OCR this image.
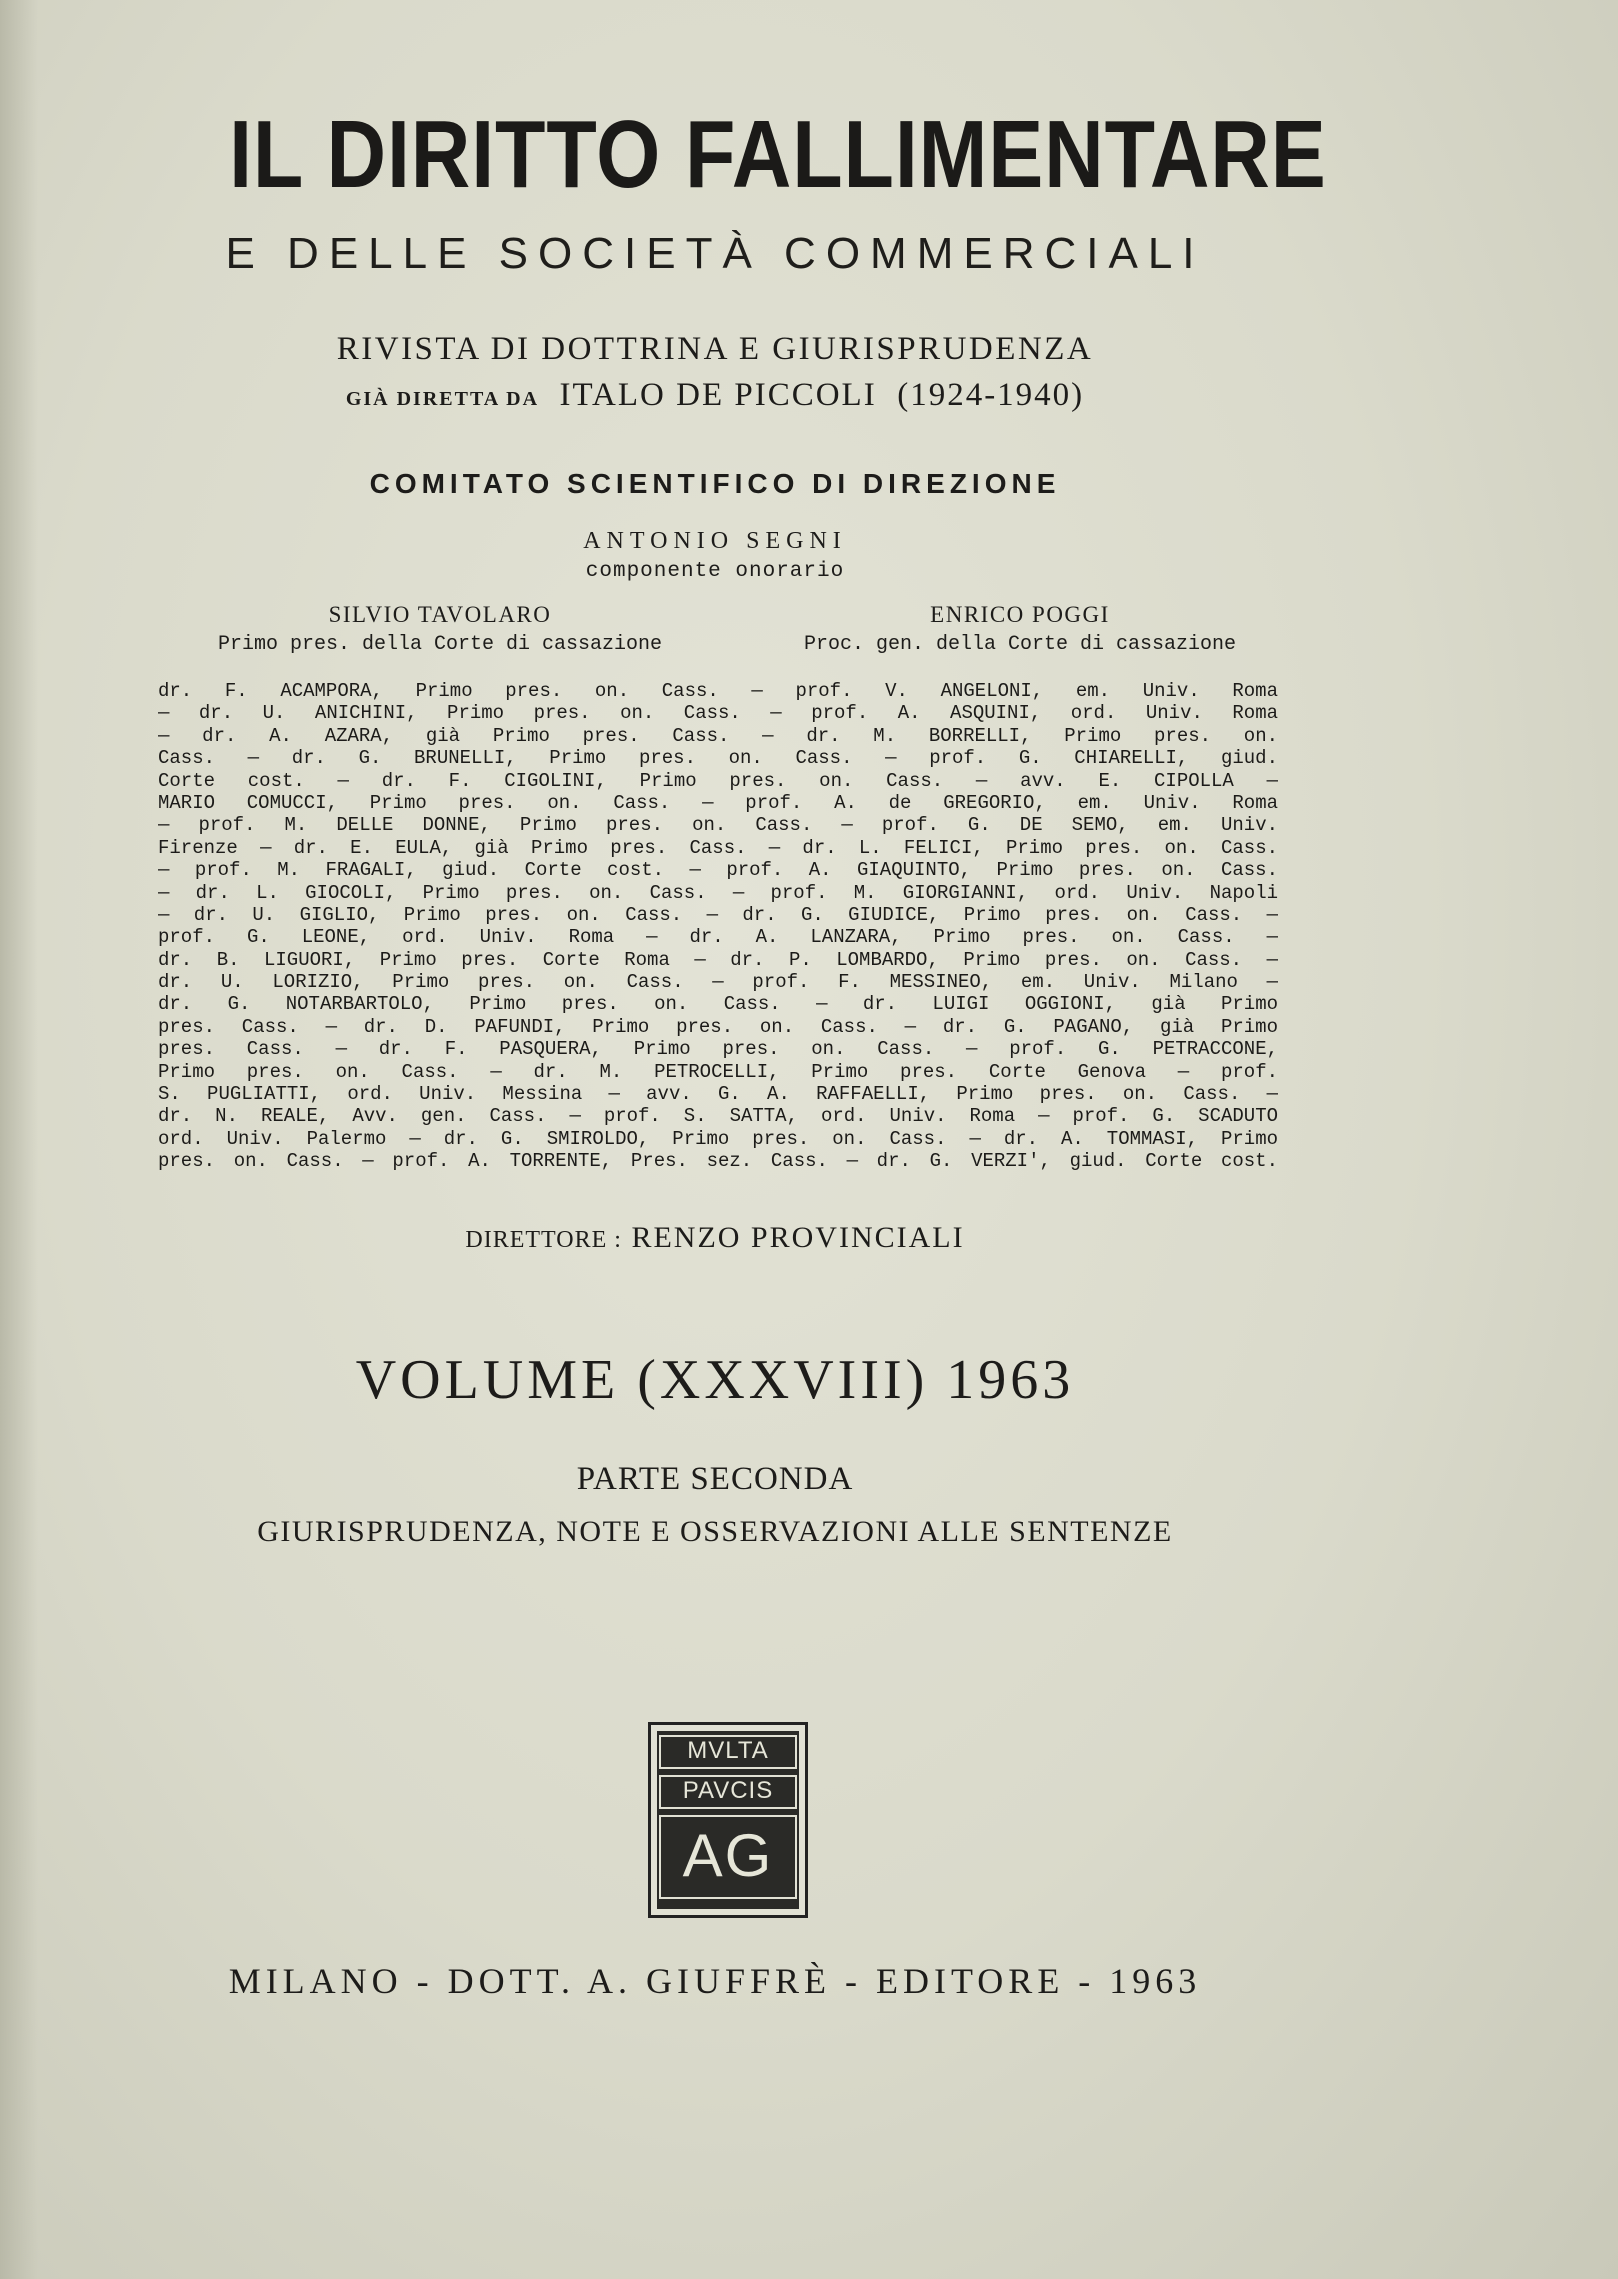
IL DIRITTO FALLIMENTARE
E DELLE SOCIETÀ COMMERCIALI
RIVISTA DI DOTTRINA E GIURISPRUDENZA
GIÀ DIRETTA DA ITALO DE PICCOLI (1924-1940)
COMITATO SCIENTIFICO DI DIREZIONE
ANTONIO SEGNI
componente onorario
SILVIO TAVOLARO
Primo pres. della Corte di cassazione
ENRICO POGGI
Proc. gen. della Corte di cassazione
dr. F. ACAMPORA, Primo pres. on. Cass. — prof. V. ANGELONI, em. Univ. Roma
— dr. U. ANICHINI, Primo pres. on. Cass. — prof. A. ASQUINI, ord. Univ. Roma
— dr. A. AZARA, già Primo pres. Cass. — dr. M. BORRELLI, Primo pres. on.
Cass. — dr. G. BRUNELLI, Primo pres. on. Cass. — prof. G. CHIARELLI, giud.
Corte cost. — dr. F. CIGOLINI, Primo pres. on. Cass. — avv. E. CIPOLLA —
MARIO COMUCCI, Primo pres. on. Cass. — prof. A. de GREGORIO, em. Univ. Roma
— prof. M. DELLE DONNE, Primo pres. on. Cass. — prof. G. DE SEMO, em. Univ.
Firenze — dr. E. EULA, già Primo pres. Cass. — dr. L. FELICI, Primo pres. on. Cass.
— prof. M. FRAGALI, giud. Corte cost. — prof. A. GIAQUINTO, Primo pres. on. Cass.
— dr. L. GIOCOLI, Primo pres. on. Cass. — prof. M. GIORGIANNI, ord. Univ. Napoli
— dr. U. GIGLIO, Primo pres. on. Cass. — dr. G. GIUDICE, Primo pres. on. Cass. —
prof. G. LEONE, ord. Univ. Roma — dr. A. LANZARA, Primo pres. on. Cass. —
dr. B. LIGUORI, Primo pres. Corte Roma — dr. P. LOMBARDO, Primo pres. on. Cass. —
dr. U. LORIZIO, Primo pres. on. Cass. — prof. F. MESSINEO, em. Univ. Milano —
dr. G. NOTARBARTOLO, Primo pres. on. Cass. — dr. LUIGI OGGIONI, già Primo
pres. Cass. — dr. D. PAFUNDI, Primo pres. on. Cass. — dr. G. PAGANO, già Primo
pres. Cass. — dr. F. PASQUERA, Primo pres. on. Cass. — prof. G. PETRACCONE,
Primo pres. on. Cass. — dr. M. PETROCELLI, Primo pres. Corte Genova — prof.
S. PUGLIATTI, ord. Univ. Messina — avv. G. A. RAFFAELLI, Primo pres. on. Cass. —
dr. N. REALE, Avv. gen. Cass. — prof. S. SATTA, ord. Univ. Roma — prof. G. SCADUTO
ord. Univ. Palermo — dr. G. SMIROLDO, Primo pres. on. Cass. — dr. A. TOMMASI, Primo
pres. on. Cass. — prof. A. TORRENTE, Pres. sez. Cass. — dr. G. VERZI', giud. Corte cost.
DIRETTORE : RENZO PROVINCIALI
VOLUME (XXXVIII) 1963
PARTE SECONDA
GIURISPRUDENZA, NOTE E OSSERVAZIONI ALLE SENTENZE
MVLTA
PAVCIS
AG
MILANO - DOTT. A. GIUFFRÈ - EDITORE - 1963
